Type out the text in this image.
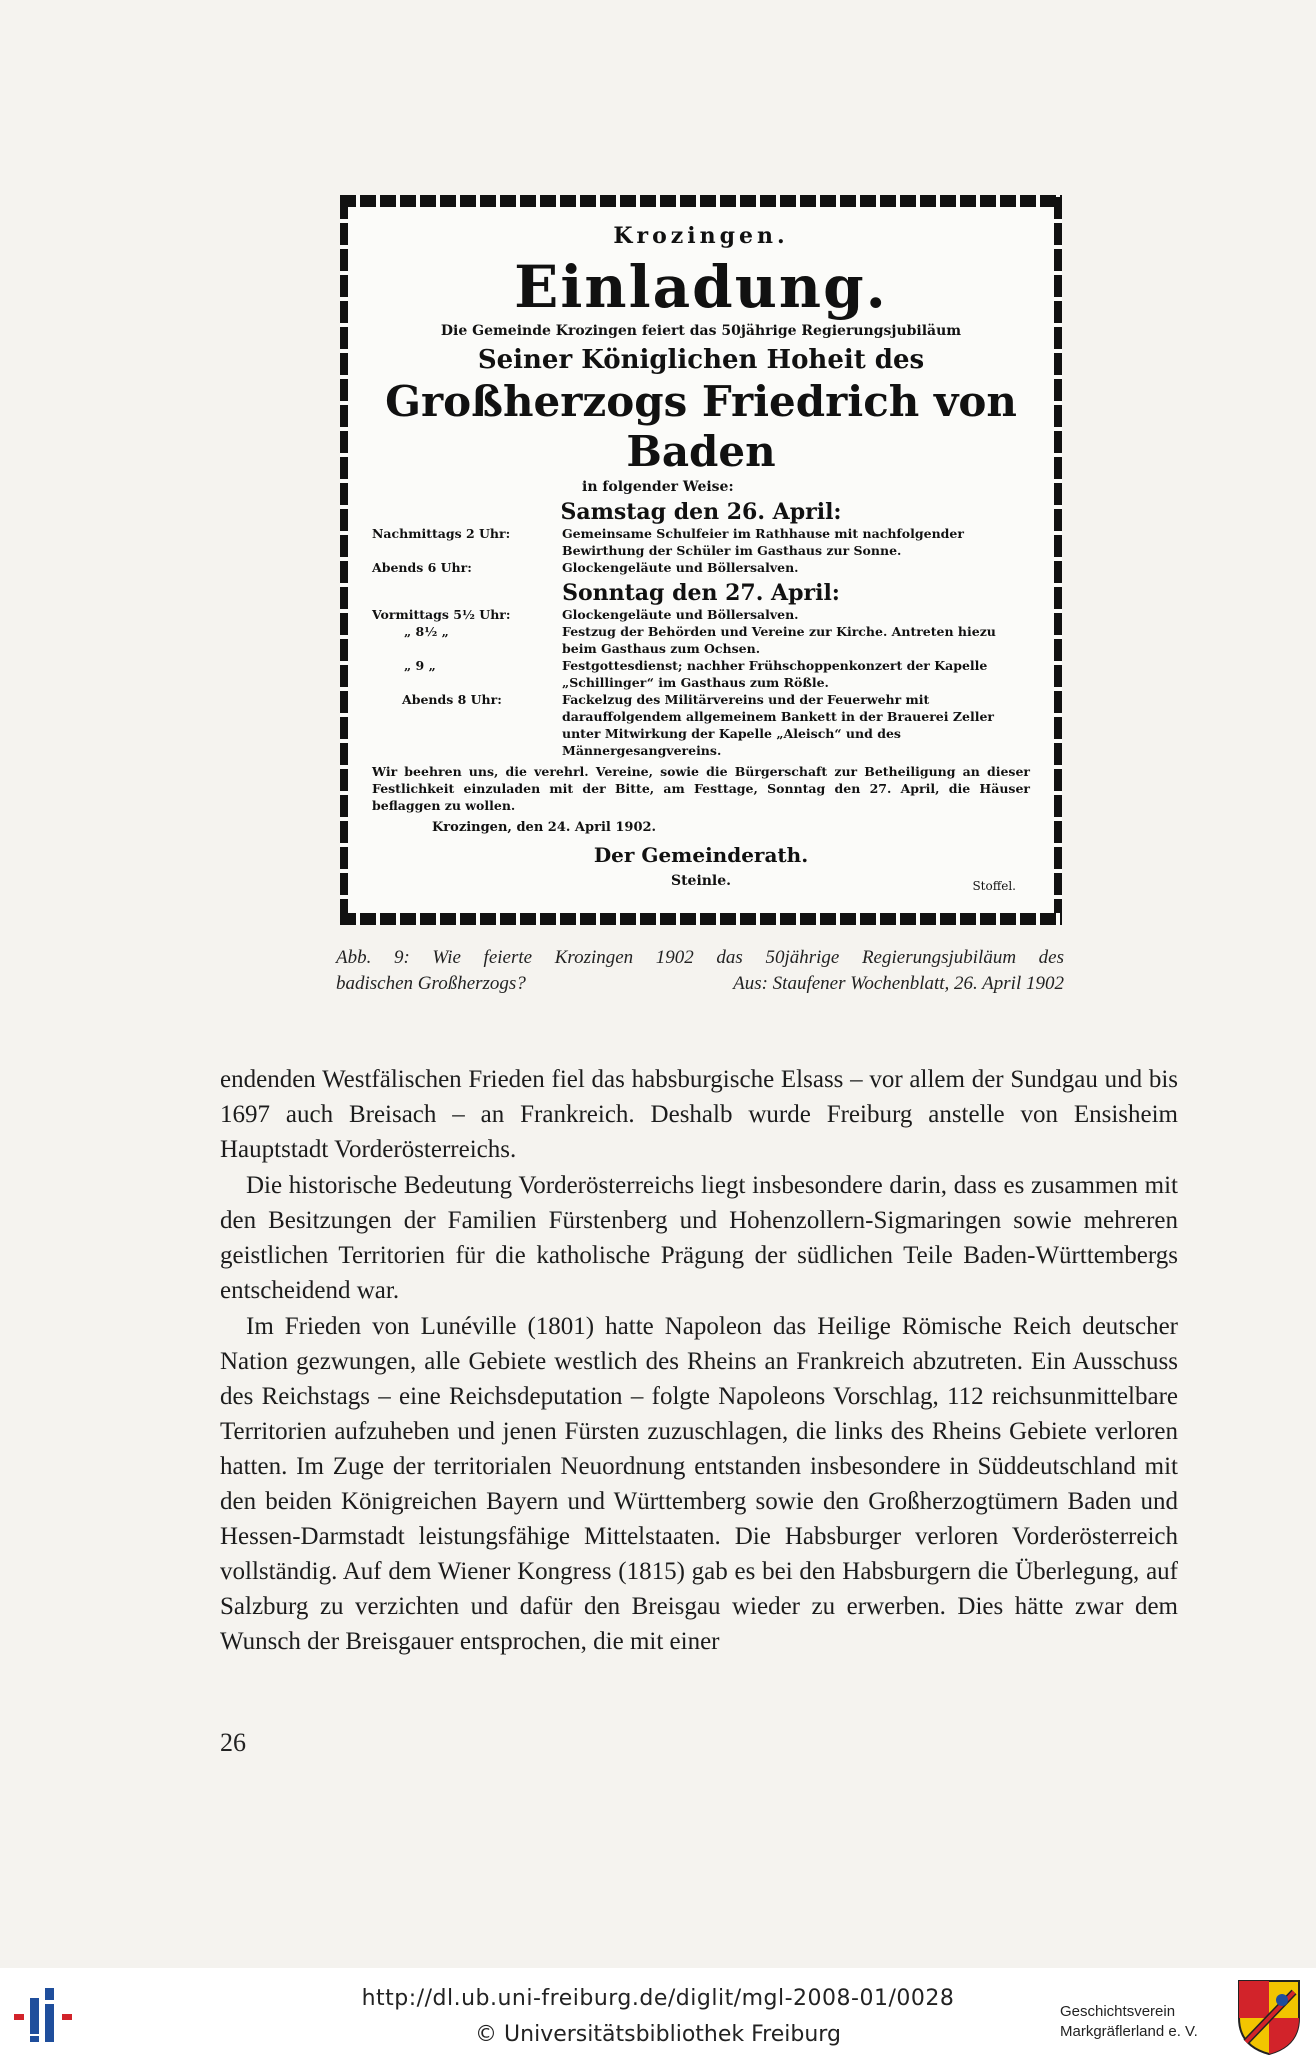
Krozingen.
Einladung.
Die Gemeinde Krozingen feiert das 50jährige Regierungsjubiläum
Seiner Königlichen Hoheit des
Großherzogs Friedrich von Baden
in folgender Weise:
Samstag den 26. April:
Nachmittags 2 Uhr:	Gemeinsame Schulfeier im Rathhause mit nachfolgender Bewirthung der Schüler im Gasthaus zur Sonne.
Abends 6 Uhr:	Glockengeläute und Böllersalven.
Sonntag den 27. April:
Vormittags 5½ Uhr:	Glockengeläute und Böllersalven.
„ 8½ „	Festzug der Behörden und Vereine zur Kirche. Antreten hiezu beim Gasthaus zum Ochsen.
„ 9 „	Festgottesdienst; nachher Frühschoppenkonzert der Kapelle „Schillinger“ im Gasthaus zum Rößle.
Abends 8 Uhr:	Fackelzug des Militärvereins und der Feuerwehr mit darauffolgendem allgemeinem Bankett in der Brauerei Zeller unter Mitwirkung der Kapelle „Aleisch“ und des Männergesangvereins.
Wir beehren uns, die verehrl. Vereine, sowie die Bürgerschaft zur Betheiligung an dieser Festlichkeit einzuladen mit der Bitte, am Festtage, Sonntag den 27. April, die Häuser beflaggen zu wollen.
Krozingen, den 24. April 1902.
Der Gemeinderath.
Steinle.	Stoffel.
Abb. 9: Wie feierte Krozingen 1902 das 50jährige Regierungsjubiläum des
badischen Großherzogs?	Aus: Staufener Wochenblatt, 26. April 1902

endenden Westfälischen Frieden fiel das habsburgische Elsass – vor allem der Sundgau und bis 1697 auch Breisach – an Frankreich. Deshalb wurde Freiburg anstelle von Ensisheim Hauptstadt Vorderösterreichs.

Die historische Bedeutung Vorderösterreichs liegt insbesondere darin, dass es zusammen mit den Besitzungen der Familien Fürstenberg und Hohenzollern-Sigmaringen sowie mehreren geistlichen Territorien für die katholische Prägung der südlichen Teile Baden-Württembergs entscheidend war.

Im Frieden von Lunéville (1801) hatte Napoleon das Heilige Römische Reich deutscher Nation gezwungen, alle Gebiete westlich des Rheins an Frankreich abzutreten. Ein Ausschuss des Reichstags – eine Reichsdeputation – folgte Napoleons Vorschlag, 112 reichsunmittelbare Territorien aufzuheben und jenen Fürsten zuzuschlagen, die links des Rheins Gebiete verloren hatten. Im Zuge der territorialen Neuordnung entstanden insbesondere in Süddeutschland mit den beiden Königreichen Bayern und Württemberg sowie den Großherzogtümern Baden und Hessen-Darmstadt leistungsfähige Mittelstaaten. Die Habsburger verloren Vorderösterreich vollständig. Auf dem Wiener Kongress (1815) gab es bei den Habsburgern die Überlegung, auf Salzburg zu verzichten und dafür den Breisgau wieder zu erwerben. Dies hätte zwar dem Wunsch der Breisgauer entsprochen, die mit einer

26
http://dl.ub.uni-freiburg.de/diglit/mgl-2008-01/0028
© Universitätsbibliothek Freiburg
Geschichtsverein
Markgräflerland e. V.
